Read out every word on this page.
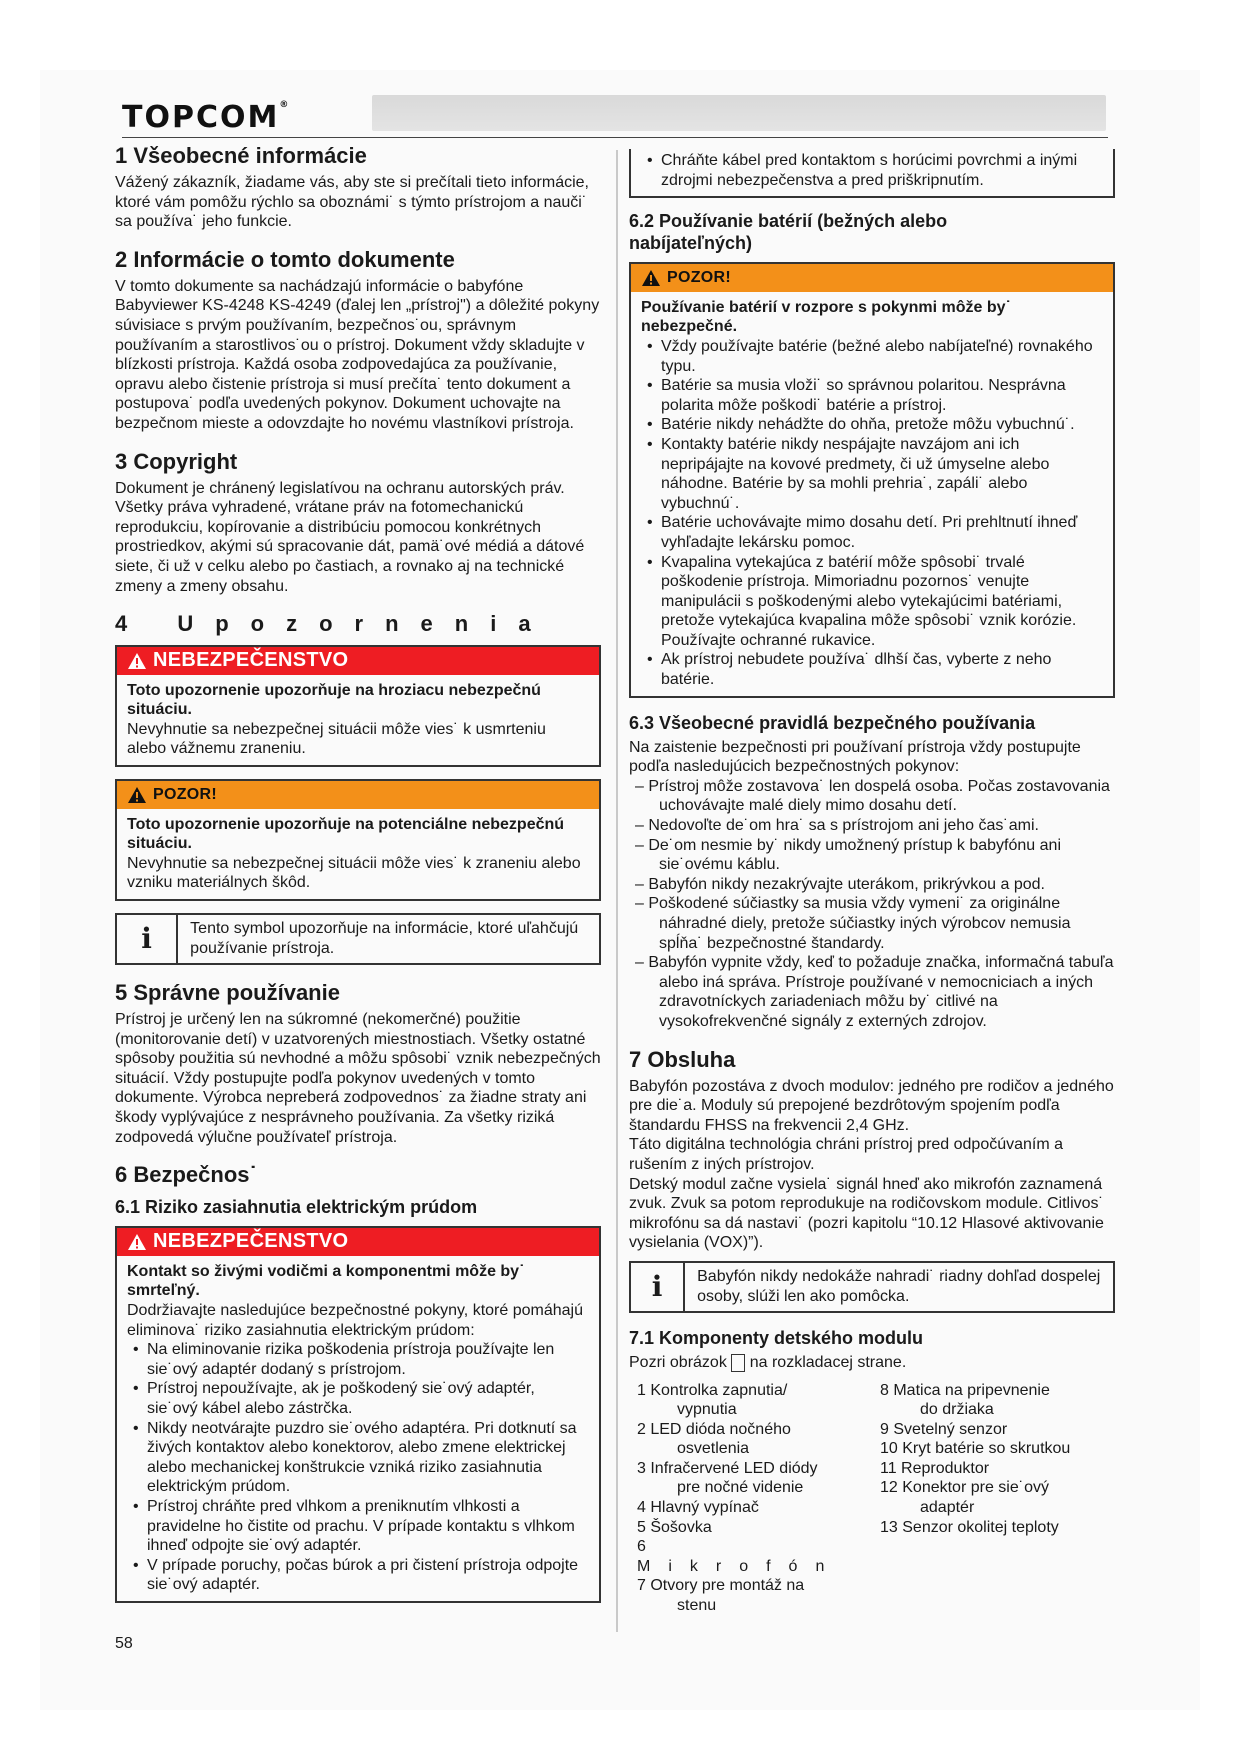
TOPCOM®
1 Všeobecné informácie

Vážený zákazník, žiadame vás, aby ste si prečítali tieto informácie, ktoré vám pomôžu rýchlo sa oboznámi˙ s týmto prístrojom a nauči˙ sa používa˙ jeho funkcie.

2 Informácie o tomto dokumente

V tomto dokumente sa nachádzajú informácie o babyfóne Babyviewer KS-4248 KS-4249 (ďalej len „prístroj") a dôležité pokyny súvisiace s prvým používaním, bezpečnos˙ou, správnym používaním a starostlivos˙ou o prístroj. Dokument vždy skladujte v blízkosti prístroja. Každá osoba zodpovedajúca za používanie, opravu alebo čistenie prístroja si musí prečíta˙ tento dokument a postupova˙ podľa uvedených pokynov. Dokument uchovajte na bezpečnom mieste a odovzdajte ho novému vlastníkovi prístroja.

3 Copyright

Dokument je chránený legislatívou na ochranu autorských práv. Všetky práva vyhradené, vrátane práv na fotomechanickú reprodukciu, kopírovanie a distribúciu pomocou konkrétnych prostriedkov, akými sú spracovanie dát, pamä˙ové médiá a dátové siete, či už v celku alebo po častiach, a rovnako aj na technické zmeny a zmeny obsahu.

4 Upozornenia
NEBEZPEČENSTVO

Toto upozornenie upozorňuje na hroziacu nebezpečnú situáciu.

Nevyhnutie sa nebezpečnej situácii môže vies˙ k usmrteniu alebo vážnemu zraneniu.

POZOR!

Toto upozornenie upozorňuje na potenciálne nebezpečnú situáciu.

Nevyhnutie sa nebezpečnej situácii môže vies˙ k zraneniu alebo vzniku materiálnych škôd.

i	Tento symbol upozorňuje na informácie, ktoré uľahčujú používanie prístroja.
5 Správne používanie

Prístroj je určený len na súkromné (nekomerčné) použitie (monitorovanie detí) v uzatvorených miestnostiach. Všetky ostatné spôsoby použitia sú nevhodné a môžu spôsobi˙ vznik nebezpečných situácií. Vždy postupujte podľa pokynov uvedených v tomto dokumente. Výrobca nepreberá zodpovednos˙ za žiadne straty ani škody vyplývajúce z nesprávneho používania. Za všetky riziká zodpovedá výlučne používateľ prístroja.

6 Bezpečnos˙
6.1 Riziko zasiahnutia elektrickým prúdom
NEBEZPEČENSTVO

Kontakt so živými vodičmi a komponentmi môže by˙ smrteľný.

Dodržiavajte nasledujúce bezpečnostné pokyny, ktoré pomáhajú eliminova˙ riziko zasiahnutia elektrickým prúdom:

• Na eliminovanie rizika poškodenia prístroja používajte len sie˙ový adaptér dodaný s prístrojom.
• Prístroj nepoužívajte, ak je poškodený sie˙ový adaptér, sie˙ový kábel alebo zástrčka.
• Nikdy neotvárajte puzdro sie˙ového adaptéra. Pri dotknutí sa živých kontaktov alebo konektorov, alebo zmene elektrickej alebo mechanickej konštrukcie vzniká riziko zasiahnutia elektrickým prúdom.
• Prístroj chráňte pred vlhkom a preniknutím vlhkosti a pravidelne ho čistite od prachu. V prípade kontaktu s vlhkom ihneď odpojte sie˙ový adaptér.
• V prípade poruchy, počas búrok a pri čistení prístroja odpojte sie˙ový adaptér.
• Chráňte kábel pred kontaktom s horúcimi povrchmi a inými zdrojmi nebezpečenstva a pred priškripnutím.
6.2 Používanie batérií (bežných alebo nabíjateľných)
POZOR!

Používanie batérií v rozpore s pokynmi môže by˙ nebezpečné.

• Vždy používajte batérie (bežné alebo nabíjateľné) rovnakého typu.
• Batérie sa musia vloži˙ so správnou polaritou. Nesprávna polarita môže poškodi˙ batérie a prístroj.
• Batérie nikdy nehádžte do ohňa, pretože môžu vybuchnú˙.
• Kontakty batérie nikdy nespájajte navzájom ani ich nepripájajte na kovové predmety, či už úmyselne alebo náhodne. Batérie by sa mohli prehria˙, zapáli˙ alebo vybuchnú˙.
• Batérie uchovávajte mimo dosahu detí. Pri prehltnutí ihneď vyhľadajte lekársku pomoc.
• Kvapalina vytekajúca z batérií môže spôsobi˙ trvalé poškodenie prístroja. Mimoriadnu pozornos˙ venujte manipulácii s poškodenými alebo vytekajúcimi batériami, pretože vytekajúca kvapalina môže spôsobi˙ vznik korózie. Používajte ochranné rukavice.
• Ak prístroj nebudete používa˙ dlhší čas, vyberte z neho batérie.
6.3 Všeobecné pravidlá bezpečného používania

Na zaistenie bezpečnosti pri používaní prístroja vždy postupujte podľa nasledujúcich bezpečnostných pokynov:

– Prístroj môže zostavova˙ len dospelá osoba. Počas zostavovania uchovávajte malé diely mimo dosahu detí.
– Nedovoľte de˙om hra˙ sa s prístrojom ani jeho čas˙ami.
– De˙om nesmie by˙ nikdy umožnený prístup k babyfónu ani sie˙ovému káblu.
– Babyfón nikdy nezakrývajte uterákom, prikrývkou a pod.
– Poškodené súčiastky sa musia vždy vymeni˙ za originálne náhradné diely, pretože súčiastky iných výrobcov nemusia spĺňa˙ bezpečnostné štandardy.
– Babyfón vypnite vždy, keď to požaduje značka, informačná tabuľa alebo iná správa. Prístroje používané v nemocniciach a iných zdravotníckych zariadeniach môžu by˙ citlivé na vysokofrekvenčné signály z externých zdrojov.
7 Obsluha

Babyfón pozostáva z dvoch modulov: jedného pre rodičov a jedného pre die˙a. Moduly sú prepojené bezdrôtovým spojením podľa štandardu FHSS na frekvencii 2,4 GHz.

Táto digitálna technológia chráni prístroj pred odpočúvaním a rušením z iných prístrojov.

Detský modul začne vysiela˙ signál hneď ako mikrofón zaznamená zvuk. Zvuk sa potom reprodukuje na rodičovskom module. Citlivos˙ mikrofónu sa dá nastavi˙ (pozri kapitolu “10.12 Hlasové aktivovanie vysielania (VOX)”).

i	Babyfón nikdy nedokáže nahradi˙ riadny dohľad dospelej osoby, slúži len ako pomôcka.
7.1 Komponenty detského modulu

Pozri obrázok na rozkladacej strane.

1 Kontrolka zapnutia/
vypnutia
2 LED dióda nočného
osvetlenia
3 Infračervené LED diódy
pre nočné videnie
4 Hlavný vypínač
5 Šošovka
6 Mikrofón
7 Otvory pre montáž na
stenu
8 Matica na pripevnenie
do držiaka
9 Svetelný senzor
10 Kryt batérie so skrutkou
11 Reproduktor
12 Konektor pre sie˙ový
adaptér
13 Senzor okolitej teploty
58
